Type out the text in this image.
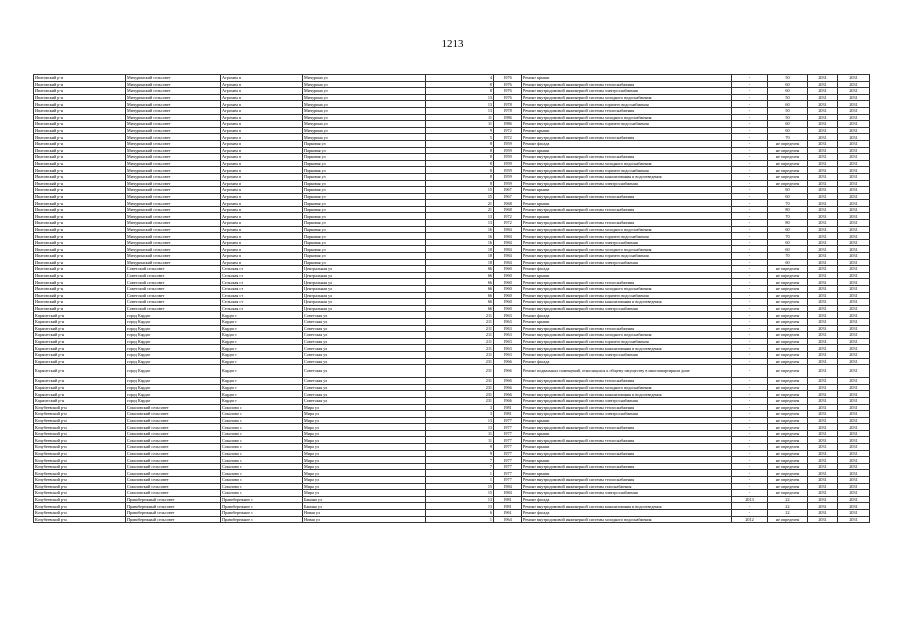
1213
Ипатовский р-н	Мичуринский сельсовет	Агрохим п	Мичурина ул	4	1976	Ремонт крыши	-	50	2031	2031
Ипатовский р-н	Мичуринский сельсовет	Агрохим п	Мичурина ул	8	1976	Ремонт внутридомовой инженерной системы теплоснабжения	-	60	2031	2031
Ипатовский р-н	Мичуринский сельсовет	Агрохим п	Мичурина ул	8	1976	Ремонт внутридомовой инженерной системы электроснабжения	-	60	2031	2031
Ипатовский р-н	Мичуринский сельсовет	Агрохим п	Мичурина ул	13	1976	Ремонт внутридомовой инженерной системы холодного водоснабжения	-	50	2031	2031
Ипатовский р-н	Мичуринский сельсовет	Агрохим п	Мичурина ул	13	1978	Ремонт внутридомовой инженерной системы горячего водоснабжения	-	60	2031	2031
Ипатовский р-н	Мичуринский сельсовет	Агрохим п	Мичурина ул	13	1978	Ремонт внутридомовой инженерной системы теплоснабжения	-	50	2031	2031
Ипатовский р-н	Мичуринский сельсовет	Агрохим п	Мичурина ул	11	1986	Ремонт внутридомовой инженерной системы холодного водоснабжения	-	50	2031	2031
Ипатовский р-н	Мичуринский сельсовет	Агрохим п	Мичурина ул	11	1986	Ремонт внутридомовой инженерной системы горячего водоснабжения	-	60	2031	2031
Ипатовский р-н	Мичуринский сельсовет	Агрохим п	Мичурина ул	9	1972	Ремонт крыши	-	60	2031	2031
Ипатовский р-н	Мичуринский сельсовет	Агрохим п	Мичурина ул	5	1972	Ремонт внутридомовой инженерной системы теплоснабжения	-	70	2031	2031
Ипатовский р-н	Мичуринский сельсовет	Агрохим п	Парковая ул	8	1959	Ремонт фасада	-	не определен	2031	2031
Ипатовский р-н	Мичуринский сельсовет	Агрохим п	Парковая ул	8	1959	Ремонт крыши	-	не определен	2031	2031
Ипатовский р-н	Мичуринский сельсовет	Агрохим п	Парковая ул	8	1959	Ремонт внутридомовой инженерной системы теплоснабжения	-	не определен	2031	2031
Ипатовский р-н	Мичуринский сельсовет	Агрохим п	Парковая ул	8	1959	Ремонт внутридомовой инженерной системы холодного водоснабжения	-	не определен	2031	2031
Ипатовский р-н	Мичуринский сельсовет	Агрохим п	Парковая ул	8	1959	Ремонт внутридомовой инженерной системы горячего водоснабжения	-	не определен	2031	2031
Ипатовский р-н	Мичуринский сельсовет	Агрохим п	Парковая ул	8	1959	Ремонт внутридомовой инженерной системы канализования и водоотведения	-	не определен	2031	2031
Ипатовский р-н	Мичуринский сельсовет	Агрохим п	Парковая ул	8	1959	Ремонт внутридомовой инженерной системы электроснабжения	-	не определен	2031	2031
Ипатовский р-н	Мичуринский сельсовет	Агрохим п	Парковая ул	15	1967	Ремонт крыши	-	60	2031	2031
Ипатовский р-н	Мичуринский сельсовет	Агрохим п	Парковая ул	15	1967	Ремонт внутридомовой инженерной системы теплоснабжения	-	60	2031	2031
Ипатовский р-н	Мичуринский сельсовет	Агрохим п	Парковая ул	21	1968	Ремонт крыши	-	70	2031	2031
Ипатовский р-н	Мичуринский сельсовет	Агрохим п	Парковая ул	21	1968	Ремонт внутридомовой инженерной системы теплоснабжения	-	80	2031	2031
Ипатовский р-н	Мичуринский сельсовет	Агрохим п	Парковая ул	13	1972	Ремонт крыши	-	70	2031	2031
Ипатовский р-н	Мичуринский сельсовет	Агрохим п	Парковая ул	13	1972	Ремонт внутридомовой инженерной системы теплоснабжения	-	80	2031	2031
Ипатовский р-н	Мичуринский сельсовет	Агрохим п	Парковая ул	16	1984	Ремонт внутридомовой инженерной системы холодного водоснабжения	-	60	2031	2031
Ипатовский р-н	Мичуринский сельсовет	Агрохим п	Парковая ул	16	1984	Ремонт внутридомовой инженерной системы горячего водоснабжения	-	70	2031	2031
Ипатовский р-н	Мичуринский сельсовет	Агрохим п	Парковая ул	16	1984	Ремонт внутридомовой инженерной системы электроснабжения	-	60	2031	2031
Ипатовский р-н	Мичуринский сельсовет	Агрохим п	Парковая ул	18	1984	Ремонт внутридомовой инженерной системы холодного водоснабжения	-	60	2031	2031
Ипатовский р-н	Мичуринский сельсовет	Агрохим п	Парковая ул	18	1984	Ремонт внутридомовой инженерной системы горячего водоснабжения	-	70	2031	2031
Ипатовский р-н	Мичуринский сельсовет	Агрохим п	Парковая ул	18	1984	Ремонт внутридомовой инженерной системы электроснабжения	-	60	2031	2031
Ипатовский р-н	Советский сельсовет	Сельская ст	Центральная ул	66	1960	Ремонт фасада	-	не определен	2031	2031
Ипатовский р-н	Советский сельсовет	Сельская ст	Центральная ул	66	1960	Ремонт крыши	-	не определен	2031	2031
Ипатовский р-н	Советский сельсовет	Сельская ст	Центральная ул	66	1960	Ремонт внутридомовой инженерной системы теплоснабжения	-	не определен	2031	2031
Ипатовский р-н	Советский сельсовет	Сельская ст	Центральная ул	66	1960	Ремонт внутридомовой инженерной системы холодного водоснабжения	-	не определен	2031	2031
Ипатовский р-н	Советский сельсовет	Сельская ст	Центральная ул	66	1960	Ремонт внутридомовой инженерной системы горячего водоснабжения	-	не определен	2031	2031
Ипатовский р-н	Советский сельсовет	Сельская ст	Центральная ул	66	1960	Ремонт внутридомовой инженерной системы канализования и водоотведения	-	не определен	2031	2031
Ипатовский р-н	Советский сельсовет	Сельская ст	Центральная ул	66	1960	Ремонт внутридомовой инженерной системы электроснабжения	-	не определен	2031	2031
Карагатский р-н	город Кардаг	Кардаг г	Советская ул	211	1963	Ремонт фасада	-	не определен	2031	2031
Карагатский р-н	город Кардаг	Кардаг г	Советская ул	211	1963	Ремонт крыши	-	не определен	2031	2031
Карагатский р-н	город Кардаг	Кардаг г	Советская ул	211	1963	Ремонт внутридомовой инженерной системы теплоснабжения	-	не определен	2031	2031
Карагатский р-н	город Кардаг	Кардаг г	Советская ул	211	1963	Ремонт внутридомовой инженерной системы холодного водоснабжения	-	не определен	2031	2031
Карагатский р-н	город Кардаг	Кардаг г	Советская ул	211	1963	Ремонт внутридомовой инженерной системы горячего водоснабжения	-	не определен	2031	2031
Карагатский р-н	город Кардаг	Кардаг г	Советская ул	211	1963	Ремонт внутридомовой инженерной системы канализования и водоотведения	-	не определен	2031	2031
Карагатский р-н	город Кардаг	Кардаг г	Советская ул	211	1963	Ремонт внутридомовой инженерной системы электроснабжения	-	не определен	2031	2031
Карагатский р-н	город Кардаг	Кардаг г	Советская ул	231	1966	Ремонт фасада	-	не определен	2031	2031
Карагатский р-н	город Кардаг	Кардаг г	Советская ул	231	1966	Ремонт подвальных помещений, относящихся к общему имуществу в многоквартирном доме	-	не определен	2031	2031
Карагатский р-н	город Кардаг	Кардаг г	Советская ул	231	1966	Ремонт внутридомовой инженерной системы теплоснабжения	-	не определен	2031	2031
Карагатский р-н	город Кардаг	Кардаг г	Советская ул	231	1966	Ремонт внутридомовой инженерной системы холодного водоснабжения	-	не определен	2031	2031
Карагатский р-н	город Кардаг	Кардаг г	Советская ул	231	1966	Ремонт внутридомовой инженерной системы канализования и водоотведения	-	не определен	2031	2031
Карагатский р-н	город Кардаг	Кардаг г	Советская ул	231	1966	Ремонт внутридомовой инженерной системы электроснабжения	-	не определен	2031	2031
Кочубеевский р-н	Соколовский сельсовет	Соколово с	Мира ул	3	1981	Ремонт внутридомовой инженерной системы теплоснабжения	-	не определен	2031	2031
Кочубеевский р-н	Соколовский сельсовет	Соколово с	Мира ул	3	1981	Ремонт внутридомовой инженерной системы электроснабжения	-	не определен	2031	2031
Кочубеевский р-н	Соколовский сельсовет	Соколово с	Мира ул	13	1977	Ремонт крыши	-	не определен	2031	2031
Кочубеевский р-н	Соколовский сельсовет	Соколово с	Мира ул	13	1977	Ремонт внутридомовой инженерной системы теплоснабжения	-	не определен	2031	2031
Кочубеевский р-н	Соколовский сельсовет	Соколово с	Мира ул	11	1977	Ремонт крыши	-	не определен	2031	2031
Кочубеевский р-н	Соколовский сельсовет	Соколово с	Мира ул	11	1977	Ремонт внутридомовой инженерной системы теплоснабжения	-	не определен	2031	2031
Кочубеевский р-н	Соколовский сельсовет	Соколово с	Мира ул	9	1977	Ремонт крыши	-	не определен	2031	2031
Кочубеевский р-н	Соколовский сельсовет	Соколово с	Мира ул	9	1977	Ремонт внутридомовой инженерной системы теплоснабжения	-	не определен	2031	2031
Кочубеевский р-н	Соколовский сельсовет	Соколово с	Мира ул	7	1977	Ремонт крыши	-	не определен	2031	2031
Кочубеевский р-н	Соколовский сельсовет	Соколово с	Мира ул	7	1977	Ремонт внутридомовой инженерной системы теплоснабжения	-	не определен	2031	2031
Кочубеевский р-н	Соколовский сельсовет	Соколово с	Мира ул	1	1977	Ремонт крыши	-	не определен	2031	2031
Кочубеевский р-н	Соколовский сельсовет	Соколово с	Мира ул	1	1977	Ремонт внутридомовой инженерной системы теплоснабжения	-	не определен	2031	2031
Кочубеевский р-н	Соколовский сельсовет	Соколово с	Мира ул	15	1984	Ремонт внутридомовой инженерной системы газоснабжения	-	не определен	2031	2031
Кочубеевский р-н	Соколовский сельсовет	Соколово с	Мира ул	15	1984	Ремонт внутридомовой инженерной системы электроснабжения	-	не определен	2031	2031
Кочубеевский р-н	Правобережный сельсовет	Правобережное с	Банина ул	13	1981	Ремонт фасада	2013	22	2031	2031
Кочубеевский р-н	Правобережный сельсовет	Правобережное с	Банина ул	13	1981	Ремонт внутридомовой инженерной системы канализования и водоотведения	-	22	2031	2031
Кочубеевский р-н	Правобережный сельсовет	Правобережное с	Новая ул	6	1961	Ремонт фасада	-	22	2031	2031
Кочубеевский р-н	Правобережный сельсовет	Правобережное с	Новая ул	1	1964	Ремонт внутридомовой инженерной системы холодного водоснабжения	2012	не определен	2031	2031
